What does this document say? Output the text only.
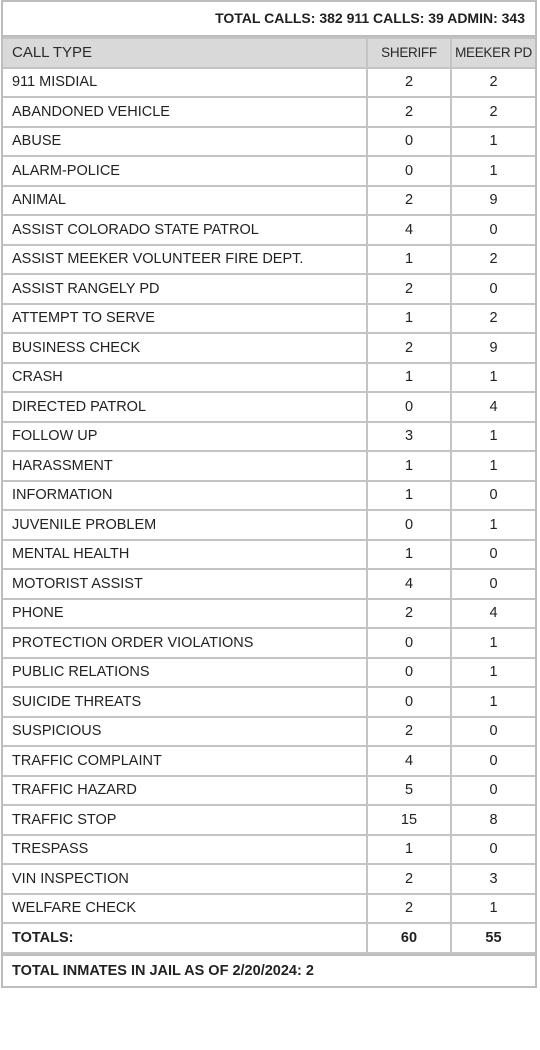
TOTAL CALLS: 382 911 CALLS: 39 ADMIN: 343
CALL TYPE	SHERIFF	MEEKER PD
911 MISDIAL	2	2
ABANDONED VEHICLE	2	2
ABUSE	0	1
ALARM-POLICE	0	1
ANIMAL	2	9
ASSIST COLORADO STATE PATROL	4	0
ASSIST MEEKER VOLUNTEER FIRE DEPT.	1	2
ASSIST RANGELY PD	2	0
ATTEMPT TO SERVE	1	2
BUSINESS CHECK	2	9
CRASH	1	1
DIRECTED PATROL	0	4
FOLLOW UP	3	1
HARASSMENT	1	1
INFORMATION	1	0
JUVENILE PROBLEM	0	1
MENTAL HEALTH	1	0
MOTORIST ASSIST	4	0
PHONE	2	4
PROTECTION ORDER VIOLATIONS	0	1
PUBLIC RELATIONS	0	1
SUICIDE THREATS	0	1
SUSPICIOUS	2	0
TRAFFIC COMPLAINT	4	0
TRAFFIC HAZARD	5	0
TRAFFIC STOP	15	8
TRESPASS	1	0
VIN INSPECTION	2	3
WELFARE CHECK	2	1
TOTALS:	60	55
TOTAL INMATES IN JAIL AS OF 2/20/2024: 2
